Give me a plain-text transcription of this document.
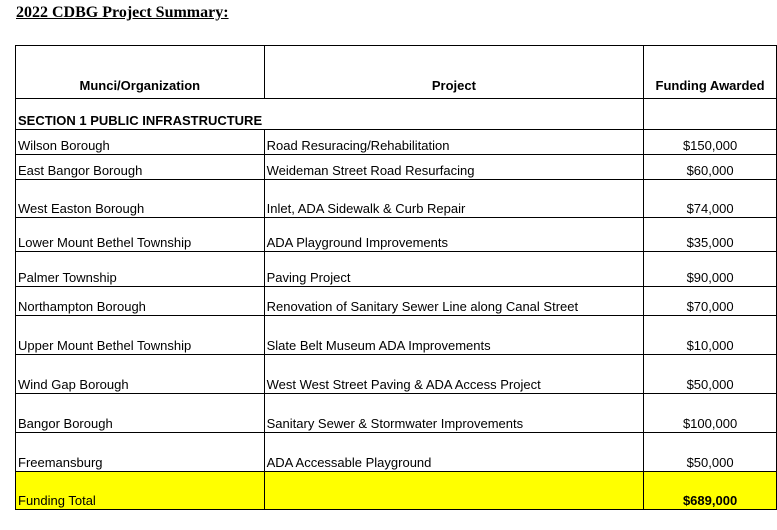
2022 CDBG Project Summary:
Munci/Organization	Project	Funding Awarded
SECTION 1 PUBLIC INFRASTRUCTURE		
Wilson Borough	Road Resuracing/Rehabilitation	$150,000
East Bangor Borough	Weideman Street Road Resurfacing	$60,000
West Easton Borough	Inlet, ADA Sidewalk & Curb Repair	$74,000
Lower Mount Bethel Township	ADA Playground Improvements	$35,000
Palmer Township	Paving Project	$90,000
Northampton Borough	Renovation of Sanitary Sewer Line along Canal Street	$70,000
Upper Mount Bethel Township	Slate Belt Museum ADA Improvements	$10,000
Wind Gap Borough	West West Street Paving & ADA Access Project	$50,000
Bangor Borough	Sanitary Sewer & Stormwater Improvements	$100,000
Freemansburg	ADA Accessable Playground	$50,000
Funding Total		$689,000
